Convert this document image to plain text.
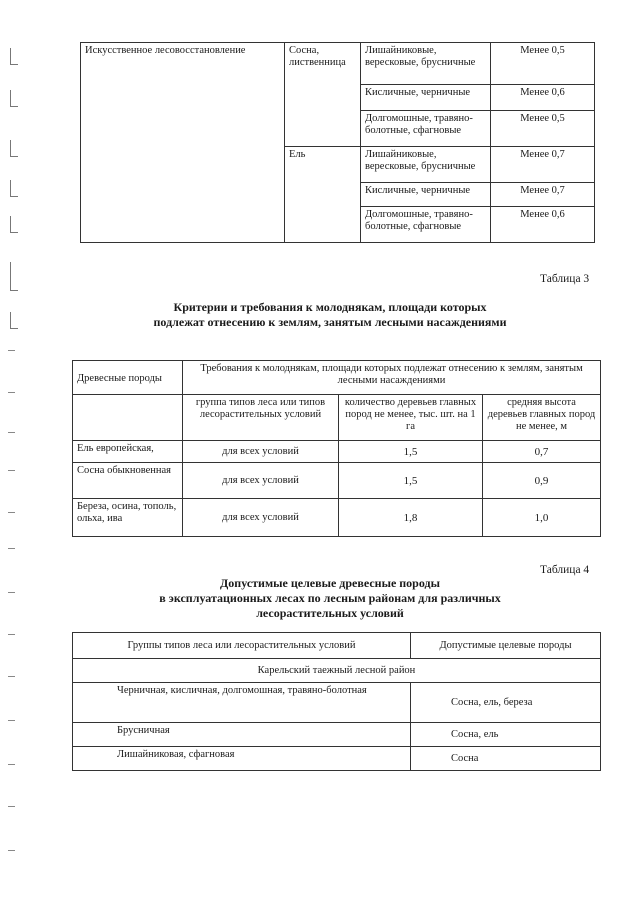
Искусственное лесовосстановление	Сосна, лиственница	Лишайниковые, вересковые, брусничные	Менее 0,5
		Кисличные, черничные	Менее 0,6
		Долгомошные, травяно-болотные, сфагновые	Менее 0,5
	Ель	Лишайниковые, вересковые, брусничные	Менее 0,7
		Кисличные, черничные	Менее 0,7
		Долгомошные, травяно-болотные, сфагновые	Менее 0,6
Таблица 3
Критерии и требования к молоднякам, площади которых
подлежат отнесению к землям, занятым лесными насаждениями
Древесные породы	Требования к молоднякам, площади которых подлежат отнесению к землям, занятым лесными насаждениями		
	группа типов леса или типов лесорастительных условий	количество деревьев главных пород не менее, тыс. шт. на 1 га	средняя высота деревьев главных пород не менее, м
Ель европейская,	для всех условий	1,5	0,7
Сосна обыкновенная	для всех условий	1,5	0,9
Береза, осина, тополь, ольха, ива	для всех условий	1,8	1,0
Таблица 4
Допустимые целевые древесные породы
в эксплуатационных лесах по лесным районам для различных
лесорастительных условий
Группы типов леса или лесорастительных условий	Допустимые целевые породы
Карельский таежный лесной район	
Черничная, кисличная, долгомошная, травяно-болотная	Сосна, ель, береза
Брусничная	Сосна, ель
Лишайниковая, сфагновая	Сосна
